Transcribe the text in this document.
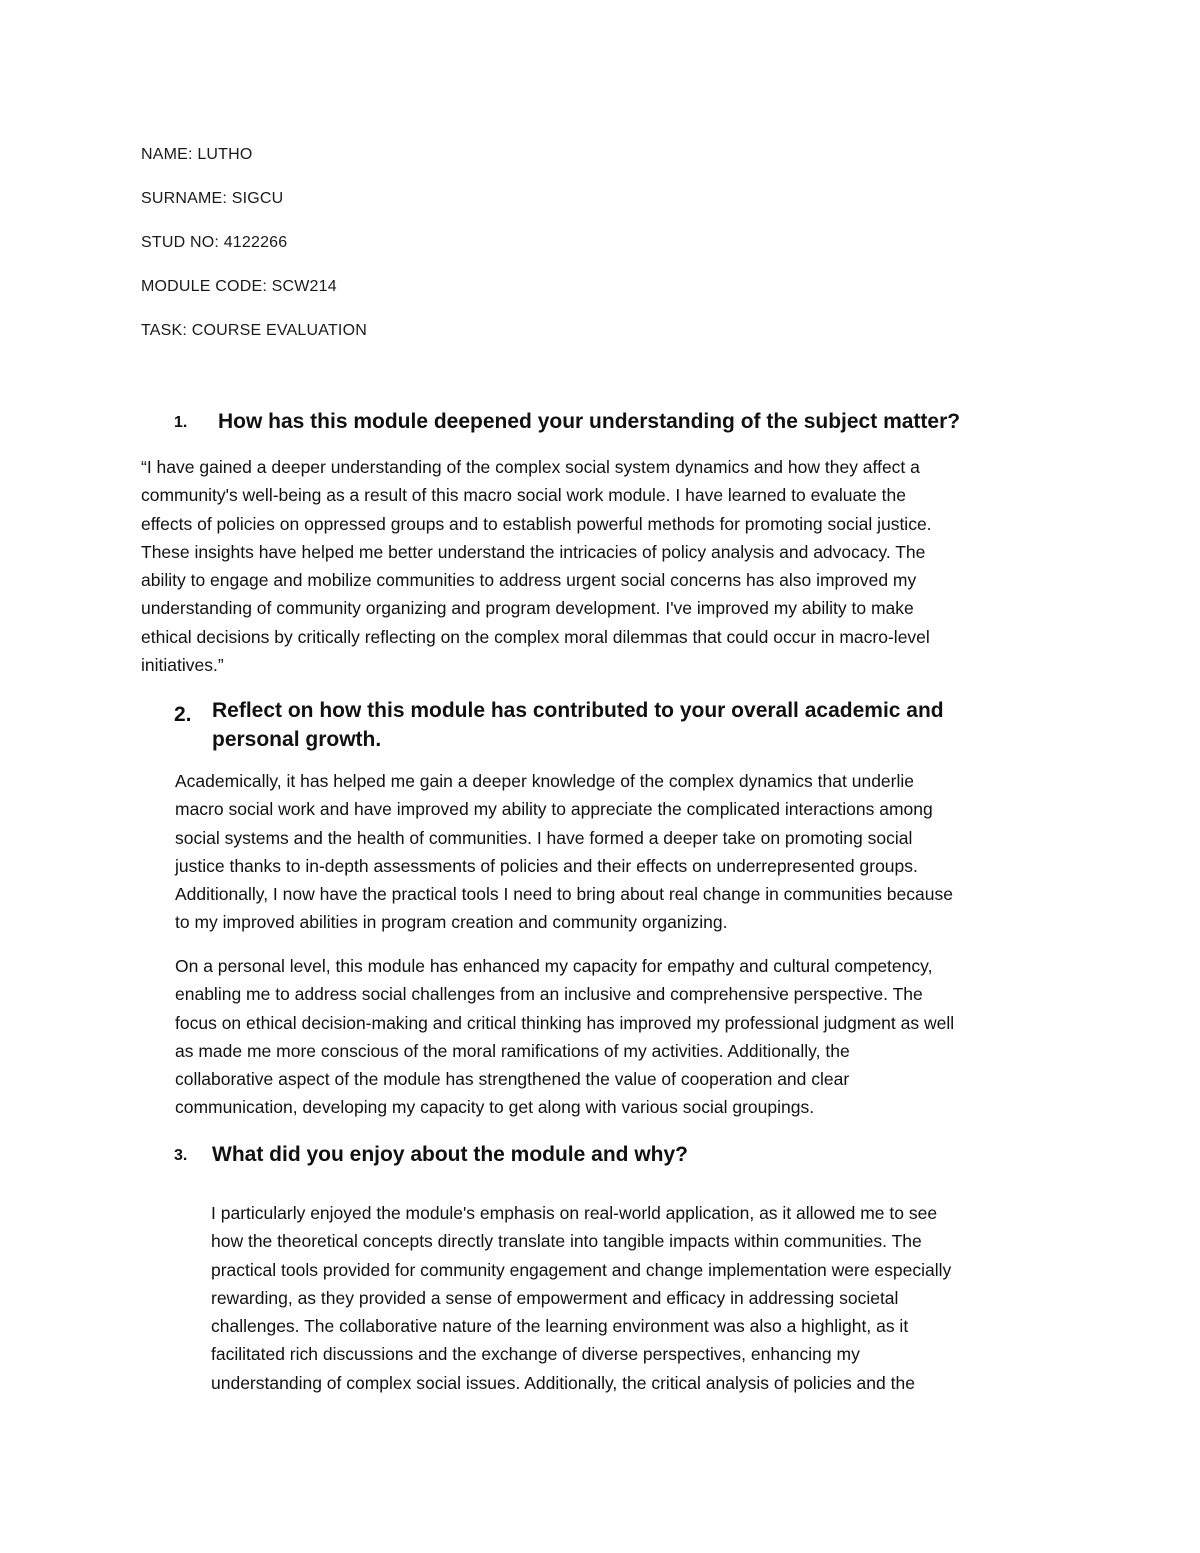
NAME: LUTHO
SURNAME: SIGCU
STUD NO: 4122266
MODULE CODE: SCW214
TASK: COURSE EVALUATION
1. How has this module deepened your understanding of the subject matter?
“I have gained a deeper understanding of the complex social system dynamics and how they affect a
community's well-being as a result of this macro social work module. I have learned to evaluate the
effects of policies on oppressed groups and to establish powerful methods for promoting social justice.
These insights have helped me better understand the intricacies of policy analysis and advocacy. The
ability to engage and mobilize communities to address urgent social concerns has also improved my
understanding of community organizing and program development. I've improved my ability to make
ethical decisions by critically reflecting on the complex moral dilemmas that could occur in macro-level
initiatives.”
2. Reflect on how this module has contributed to your overall academic and
personal growth.
Academically, it has helped me gain a deeper knowledge of the complex dynamics that underlie
macro social work and have improved my ability to appreciate the complicated interactions among
social systems and the health of communities. I have formed a deeper take on promoting social
justice thanks to in-depth assessments of policies and their effects on underrepresented groups.
Additionally, I now have the practical tools I need to bring about real change in communities because
to my improved abilities in program creation and community organizing.
On a personal level, this module has enhanced my capacity for empathy and cultural competency,
enabling me to address social challenges from an inclusive and comprehensive perspective. The
focus on ethical decision-making and critical thinking has improved my professional judgment as well
as made me more conscious of the moral ramifications of my activities. Additionally, the
collaborative aspect of the module has strengthened the value of cooperation and clear
communication, developing my capacity to get along with various social groupings.
3. What did you enjoy about the module and why?
I particularly enjoyed the module's emphasis on real-world application, as it allowed me to see
how the theoretical concepts directly translate into tangible impacts within communities. The
practical tools provided for community engagement and change implementation were especially
rewarding, as they provided a sense of empowerment and efficacy in addressing societal
challenges. The collaborative nature of the learning environment was also a highlight, as it
facilitated rich discussions and the exchange of diverse perspectives, enhancing my
understanding of complex social issues. Additionally, the critical analysis of policies and the
